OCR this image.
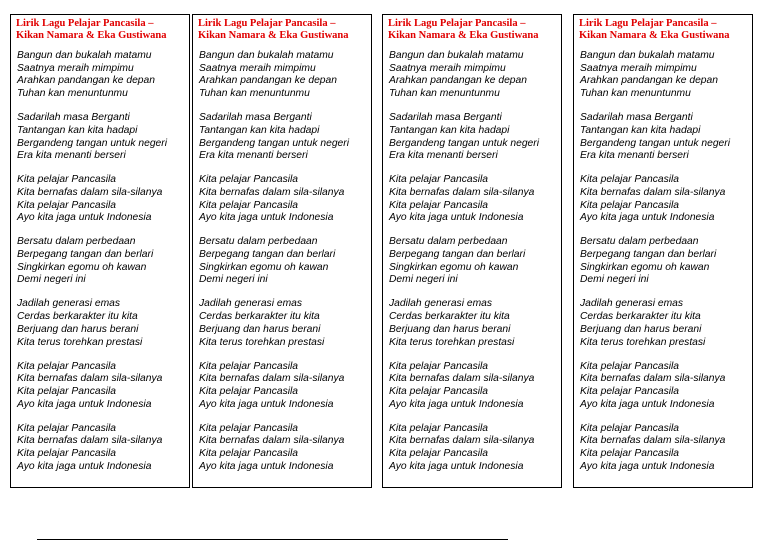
Lirik Lagu Pelajar Pancasila –
Kikan Namara & Eka Gustiwana
Bangun dan bukalah matamu
Saatnya meraih mimpimu
Arahkan pandangan ke depan
Tuhan kan menuntunmu
Sadarilah masa Berganti
Tantangan kan kita hadapi
Bergandeng tangan untuk negeri
Era kita menanti berseri
Kita pelajar Pancasila
Kita bernafas dalam sila-silanya
Kita pelajar Pancasila
Ayo kita jaga untuk Indonesia
Bersatu dalam perbedaan
Berpegang tangan dan berlari
Singkirkan egomu oh kawan
Demi negeri ini
Jadilah generasi emas
Cerdas berkarakter itu kita
Berjuang dan harus berani
Kita terus torehkan prestasi
Kita pelajar Pancasila
Kita bernafas dalam sila-silanya
Kita pelajar Pancasila
Ayo kita jaga untuk Indonesia
Kita pelajar Pancasila
Kita bernafas dalam sila-silanya
Kita pelajar Pancasila
Ayo kita jaga untuk Indonesia
Lirik Lagu Pelajar Pancasila –
Kikan Namara & Eka Gustiwana
Bangun dan bukalah matamu
Saatnya meraih mimpimu
Arahkan pandangan ke depan
Tuhan kan menuntunmu
Sadarilah masa Berganti
Tantangan kan kita hadapi
Bergandeng tangan untuk negeri
Era kita menanti berseri
Kita pelajar Pancasila
Kita bernafas dalam sila-silanya
Kita pelajar Pancasila
Ayo kita jaga untuk Indonesia
Bersatu dalam perbedaan
Berpegang tangan dan berlari
Singkirkan egomu oh kawan
Demi negeri ini
Jadilah generasi emas
Cerdas berkarakter itu kita
Berjuang dan harus berani
Kita terus torehkan prestasi
Kita pelajar Pancasila
Kita bernafas dalam sila-silanya
Kita pelajar Pancasila
Ayo kita jaga untuk Indonesia
Kita pelajar Pancasila
Kita bernafas dalam sila-silanya
Kita pelajar Pancasila
Ayo kita jaga untuk Indonesia
Lirik Lagu Pelajar Pancasila –
Kikan Namara & Eka Gustiwana
Bangun dan bukalah matamu
Saatnya meraih mimpimu
Arahkan pandangan ke depan
Tuhan kan menuntunmu
Sadarilah masa Berganti
Tantangan kan kita hadapi
Bergandeng tangan untuk negeri
Era kita menanti berseri
Kita pelajar Pancasila
Kita bernafas dalam sila-silanya
Kita pelajar Pancasila
Ayo kita jaga untuk Indonesia
Bersatu dalam perbedaan
Berpegang tangan dan berlari
Singkirkan egomu oh kawan
Demi negeri ini
Jadilah generasi emas
Cerdas berkarakter itu kita
Berjuang dan harus berani
Kita terus torehkan prestasi
Kita pelajar Pancasila
Kita bernafas dalam sila-silanya
Kita pelajar Pancasila
Ayo kita jaga untuk Indonesia
Kita pelajar Pancasila
Kita bernafas dalam sila-silanya
Kita pelajar Pancasila
Ayo kita jaga untuk Indonesia
Lirik Lagu Pelajar Pancasila –
Kikan Namara & Eka Gustiwana
Bangun dan bukalah matamu
Saatnya meraih mimpimu
Arahkan pandangan ke depan
Tuhan kan menuntunmu
Sadarilah masa Berganti
Tantangan kan kita hadapi
Bergandeng tangan untuk negeri
Era kita menanti berseri
Kita pelajar Pancasila
Kita bernafas dalam sila-silanya
Kita pelajar Pancasila
Ayo kita jaga untuk Indonesia
Bersatu dalam perbedaan
Berpegang tangan dan berlari
Singkirkan egomu oh kawan
Demi negeri ini
Jadilah generasi emas
Cerdas berkarakter itu kita
Berjuang dan harus berani
Kita terus torehkan prestasi
Kita pelajar Pancasila
Kita bernafas dalam sila-silanya
Kita pelajar Pancasila
Ayo kita jaga untuk Indonesia
Kita pelajar Pancasila
Kita bernafas dalam sila-silanya
Kita pelajar Pancasila
Ayo kita jaga untuk Indonesia
